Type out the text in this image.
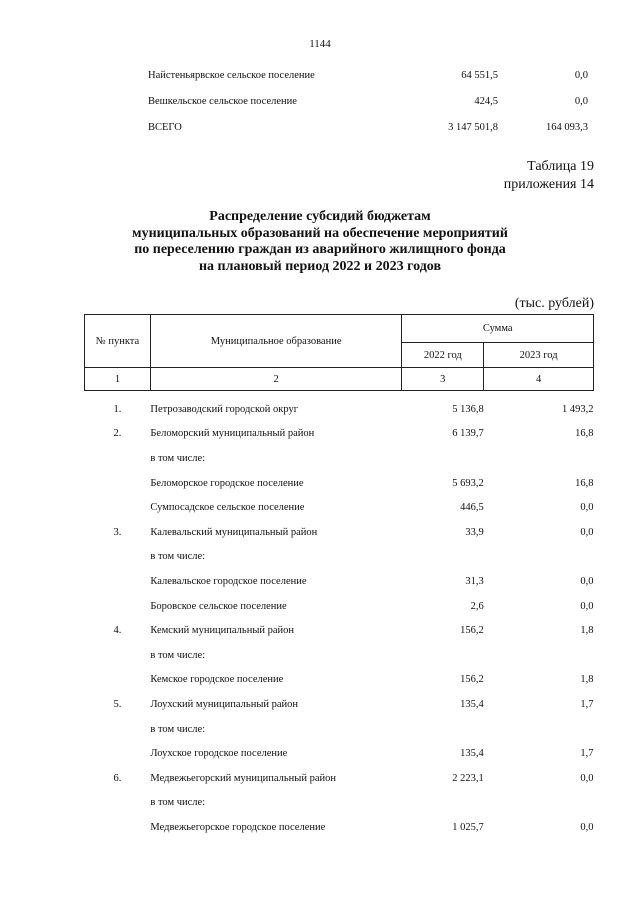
1144
Найстеньярвское сельское поселение	64 551,5	0,0
Вешкельское сельское поселение	424,5	0,0
ВСЕГО	3 147 501,8	164 093,3
Таблица 19
приложения 14
Распределение субсидий бюджетам
муниципальных образований на обеспечение мероприятий
по переселению граждан из аварийного жилищного фонда
на плановый период 2022 и 2023 годов
(тыс. рублей)
№ пункта	Муниципальное образование	Сумма	
		2022 год	2023 год
1	2	3	4
1.	Петрозаводский городской округ	5 136,8	1 493,2
2.	Беломорский муниципальный район	6 139,7	16,8
	в том числе:		
	Беломорское городское поселение	5 693,2	16,8
	Сумпосадское сельское поселение	446,5	0,0
3.	Калевальский муниципальный район	33,9	0,0
	в том числе:		
	Калевальское городское поселение	31,3	0,0
	Боровское сельское поселение	2,6	0,0
4.	Кемский муниципальный район	156,2	1,8
	в том числе:		
	Кемское городское поселение	156,2	1,8
5.	Лоухский муниципальный район	135,4	1,7
	в том числе:		
	Лоухское городское поселение	135,4	1,7
6.	Медвежьегорский муниципальный район	2 223,1	0,0
	в том числе:		
	Медвежьегорское городское поселение	1 025,7	0,0
